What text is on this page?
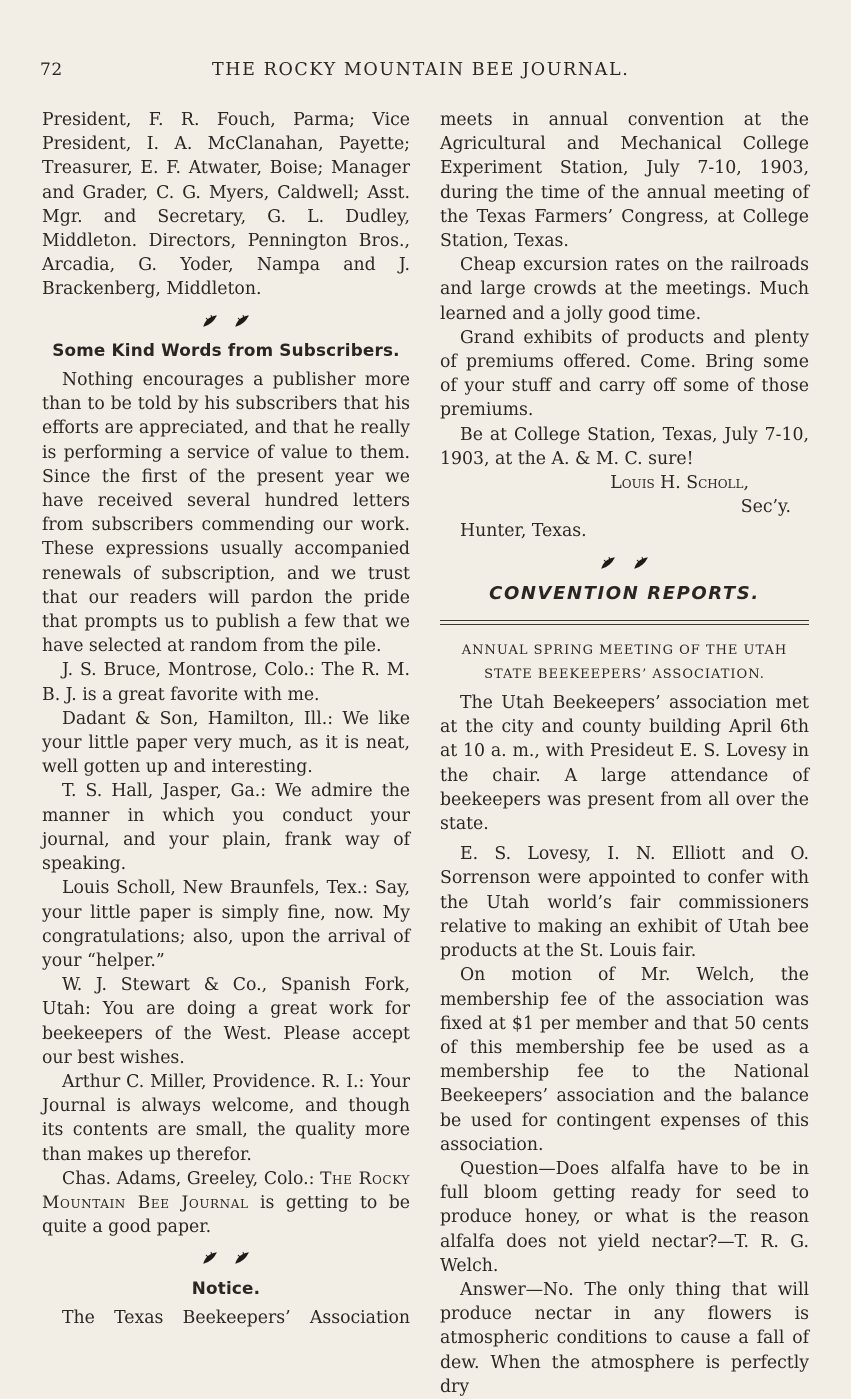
72	THE ROCKY MOUNTAIN BEE JOURNAL.

President, F. R. Fouch, Parma; Vice President, I. A. McClanahan, Payette; Treasurer, E. F. Atwater, Boise; Manager and Grader, C. G. Myers, Caldwell; Asst. Mgr. and Secretary, G. L. Dudley, Middleton. Directors, Pennington Bros., Arcadia, G. Yoder, Nampa and J. Brackenberg, Middleton.

Some Kind Words from Subscribers.

Nothing encourages a publisher more than to be told by his subscribers that his efforts are appreciated, and that he really is performing a service of value to them. Since the first of the present year we have received several hundred letters from subscribers commending our work. These expressions usually accompanied renewals of subscription, and we trust that our readers will pardon the pride that prompts us to publish a few that we have selected at random from the pile.

J. S. Bruce, Montrose, Colo.: The R. M. B. J. is a great favorite with me.

Dadant & Son, Hamilton, Ill.: We like your little paper very much, as it is neat, well gotten up and interesting.

T. S. Hall, Jasper, Ga.: We admire the manner in which you conduct your journal, and your plain, frank way of speaking.

Louis Scholl, New Braunfels, Tex.: Say, your little paper is simply fine, now. My congratulations; also, upon the arrival of your “helper.”

W. J. Stewart & Co., Spanish Fork, Utah: You are doing a great work for beekeepers of the West. Please accept our best wishes.

Arthur C. Miller, Providence. R. I.: Your Journal is always welcome, and though its contents are small, the quality more than makes up therefor.

Chas. Adams, Greeley, Colo.: The Rocky Mountain Bee Journal is getting to be quite a good paper.

Notice.

The Texas Beekeepers’ Association

meets in annual convention at the Agricultural and Mechanical College Experiment Station, July 7-10, 1903, during the time of the annual meeting of the Texas Farmers’ Congress, at College Station, Texas.

Cheap excursion rates on the railroads and large crowds at the meetings. Much learned and a jolly good time.

Grand exhibits of products and plenty of premiums offered. Come. Bring some of your stuff and carry off some of those premiums.

Be at College Station, Texas, July 7-10, 1903, at the A. & M. C. sure!

Louis H. Scholl,

Sec’y.

Hunter, Texas.

CONVENTION REPORTS.
ANNUAL SPRING MEETING OF THE UTAH
STATE BEEKEEPERS’ ASSOCIATION.

The Utah Beekeepers’ association met at the city and county building April 6th at 10 a. m., with Presideut E. S. Lovesy in the chair. A large attendance of beekeepers was present from all over the state.

E. S. Lovesy, I. N. Elliott and O. Sorrenson were appointed to confer with the Utah world’s fair commissioners relative to making an exhibit of Utah bee products at the St. Louis fair.

On motion of Mr. Welch, the membership fee of the association was fixed at $1 per member and that 50 cents of this membership fee be used as a membership fee to the National Beekeepers’ association and the balance be used for contingent expenses of this association.

Question—Does alfalfa have to be in full bloom getting ready for seed to produce honey, or what is the reason alfalfa does not yield nectar?—T. R. G. Welch.

Answer—No. The only thing that will produce nectar in any flowers is atmospheric conditions to cause a fall of dew. When the atmosphere is perfectly dry
